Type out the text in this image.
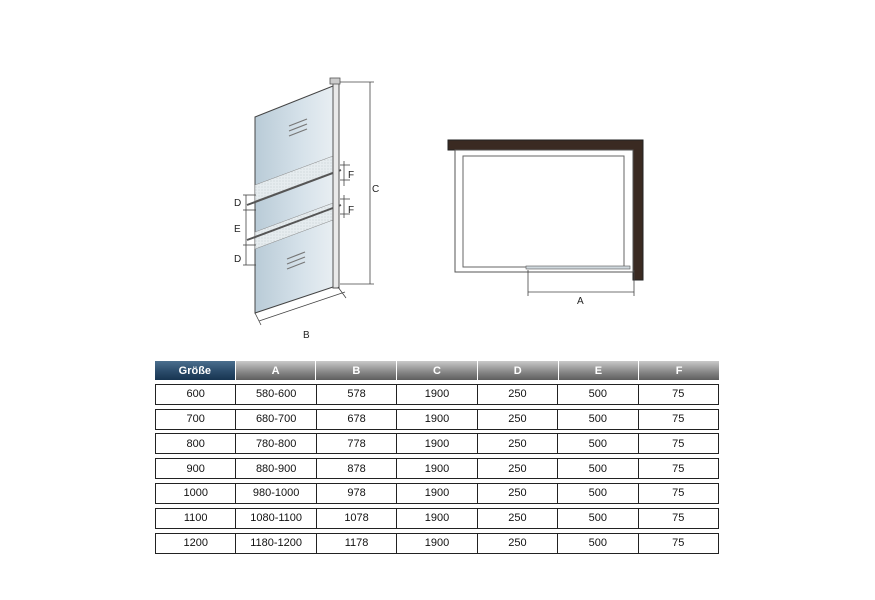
C
B
D
E
D
F
F
A
Größe	A	B	C	D	E	F
600	580-600	578	1900	250	500	75
700	680-700	678	1900	250	500	75
800	780-800	778	1900	250	500	75
900	880-900	878	1900	250	500	75
1000	980-1000	978	1900	250	500	75
1100	1080-1100	1078	1900	250	500	75
1200	1180-1200	1178	1900	250	500	75
